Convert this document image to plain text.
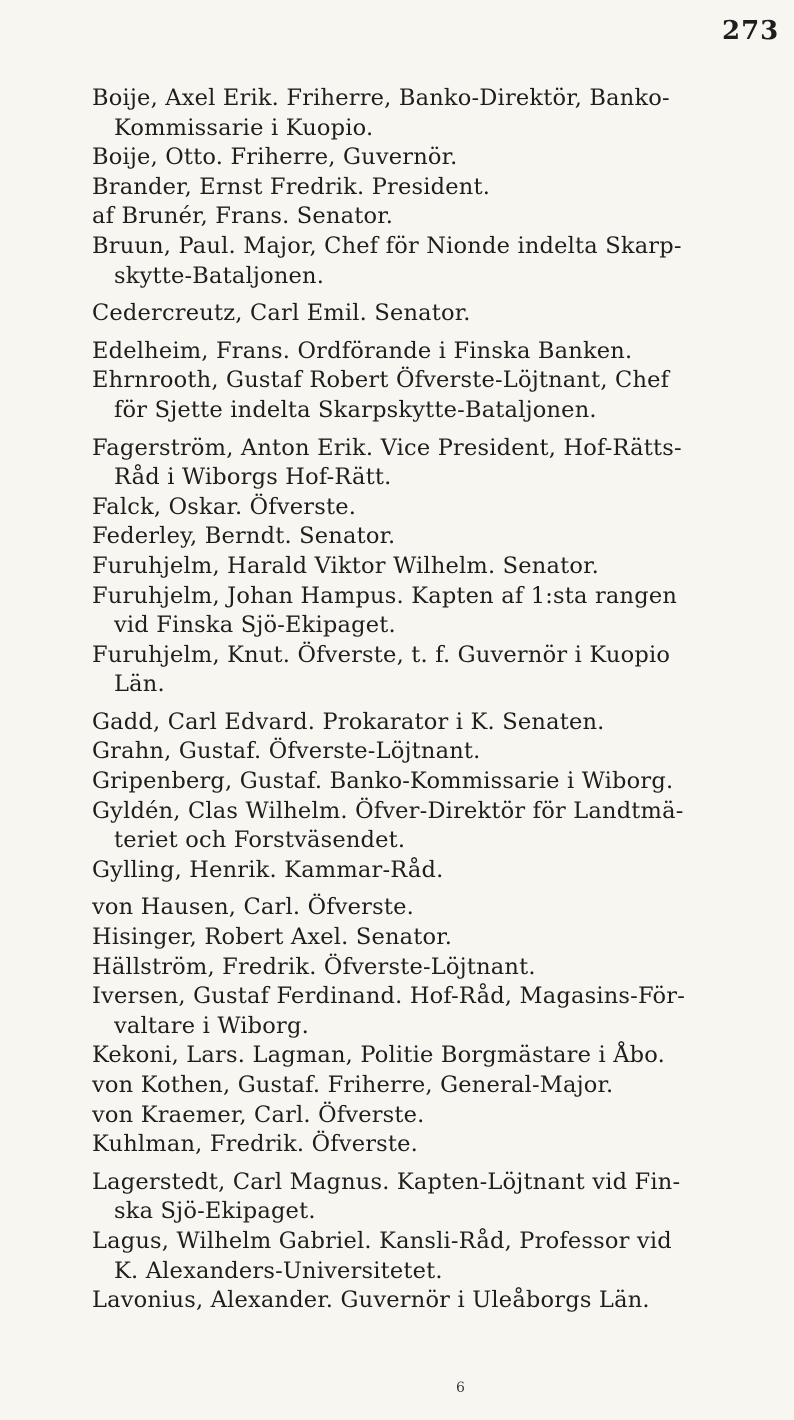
273
Boije, Axel Erik. Friherre, Banko-Direktör, Banko-
Kommissarie i Kuopio.
Boije, Otto. Friherre, Guvernör.
Brander, Ernst Fredrik. President.
af Brunér, Frans. Senator.
Bruun, Paul. Major, Chef för Nionde indelta Skarp-
skytte-Bataljonen.
Cedercreutz, Carl Emil. Senator.
Edelheim, Frans. Ordförande i Finska Banken.
Ehrnrooth, Gustaf Robert Öfverste-Löjtnant, Chef
för Sjette indelta Skarpskytte-Bataljonen.
Fagerström, Anton Erik. Vice President, Hof-Rätts-
Råd i Wiborgs Hof-Rätt.
Falck, Oskar. Öfverste.
Federley, Berndt. Senator.
Furuhjelm, Harald Viktor Wilhelm. Senator.
Furuhjelm, Johan Hampus. Kapten af 1:sta rangen
vid Finska Sjö-Ekipaget.
Furuhjelm, Knut. Öfverste, t. f. Guvernör i Kuopio
Län.
Gadd, Carl Edvard. Prokarator i K. Senaten.
Grahn, Gustaf. Öfverste-Löjtnant.
Gripenberg, Gustaf. Banko-Kommissarie i Wiborg.
Gyldén, Clas Wilhelm. Öfver-Direktör för Landtmä-
teriet och Forstväsendet.
Gylling, Henrik. Kammar-Råd.
von Hausen, Carl. Öfverste.
Hisinger, Robert Axel. Senator.
Hällström, Fredrik. Öfverste-Löjtnant.
Iversen, Gustaf Ferdinand. Hof-Råd, Magasins-För-
valtare i Wiborg.
Kekoni, Lars. Lagman, Politie Borgmästare i Åbo.
von Kothen, Gustaf. Friherre, General-Major.
von Kraemer, Carl. Öfverste.
Kuhlman, Fredrik. Öfverste.
Lagerstedt, Carl Magnus. Kapten-Löjtnant vid Fin-
ska Sjö-Ekipaget.
Lagus, Wilhelm Gabriel. Kansli-Råd, Professor vid
K. Alexanders-Universitetet.
Lavonius, Alexander. Guvernör i Uleåborgs Län.
6
